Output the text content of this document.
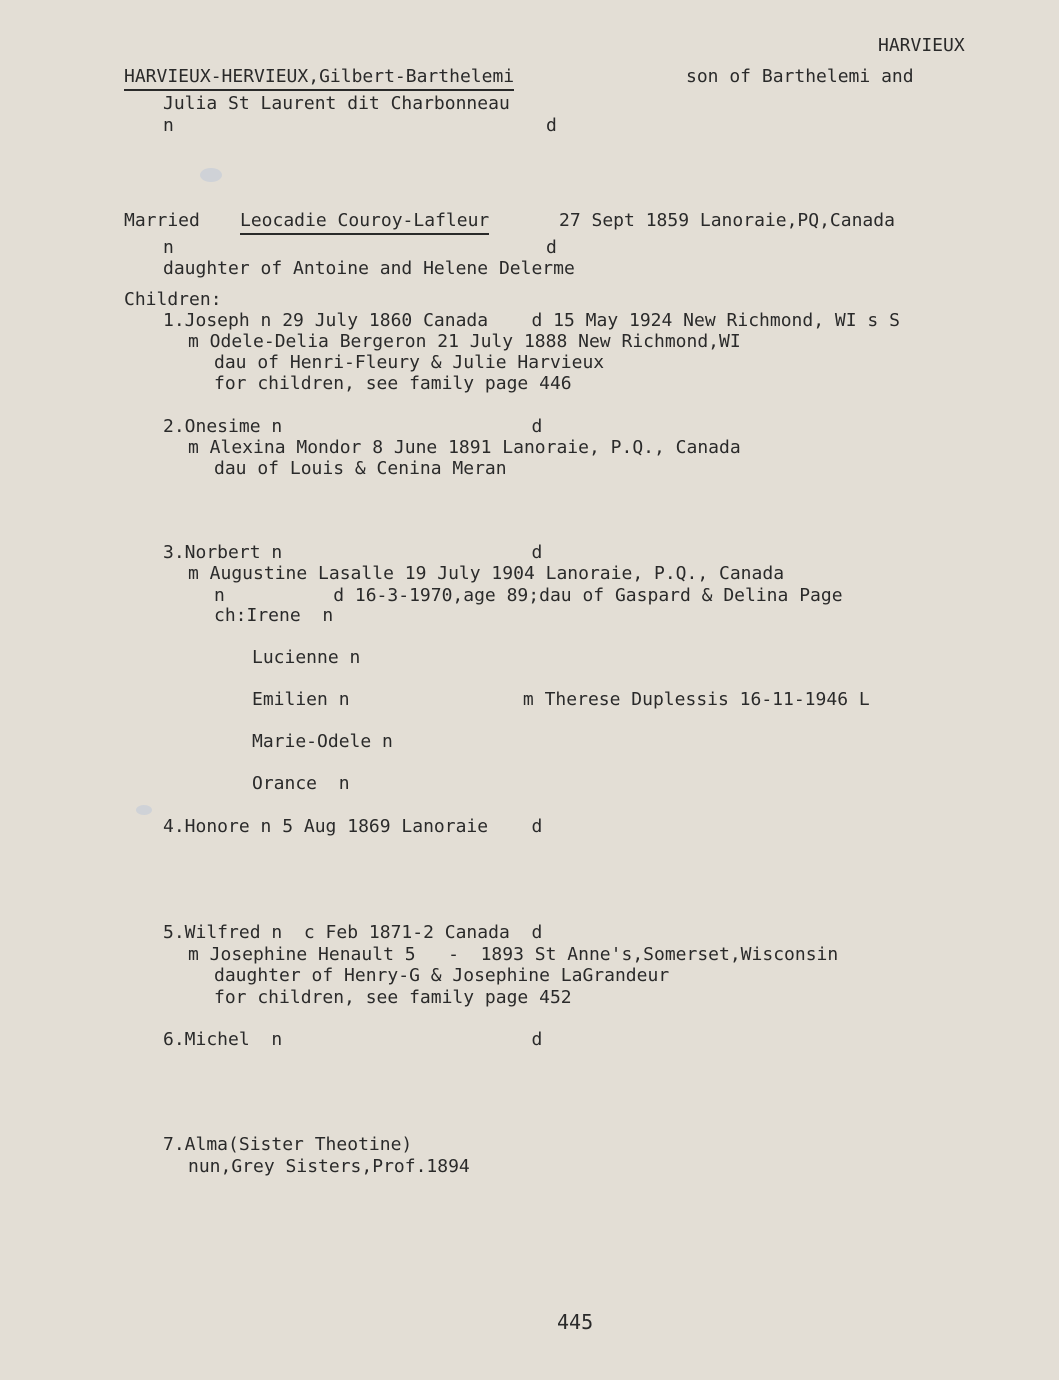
HARVIEUX
HARVIEUX-HERVIEUX,Gilbert-Barthelemi	son of Barthelemi and
Julia St Laurent dit Charbonneau
n	d
Married Leocadie Couroy-Lafleur	27 Sept 1859 Lanoraie,PQ,Canada
n	d
daughter of Antoine and Helene Delerme
Children:
1.Joseph n 29 July 1860 Canada    d 15 May 1924 New Richmond, WI s S
m Odele-Delia Bergeron 21 July 1888 New Richmond,WI
dau of Henri-Fleury & Julie Harvieux
for children, see family page 446
2.Onesime n                       d
m Alexina Mondor 8 June 1891 Lanoraie, P.Q., Canada
dau of Louis & Cenina Meran
3.Norbert n                       d
m Augustine Lasalle 19 July 1904 Lanoraie, P.Q., Canada
n          d 16-3-1970,age 89;dau of Gaspard & Delina Page
ch:Irene  n
Lucienne n
Emilien n                m Therese Duplessis 16-11-1946 L
Marie-Odele n
Orance  n
4.Honore n 5 Aug 1869 Lanoraie    d
5.Wilfred n  c Feb 1871-2 Canada  d
m Josephine Henault 5   -  1893 St Anne's,Somerset,Wisconsin
daughter of Henry-G & Josephine LaGrandeur
for children, see family page 452
6.Michel  n                       d
7.Alma(Sister Theotine)
nun,Grey Sisters,Prof.1894
445
